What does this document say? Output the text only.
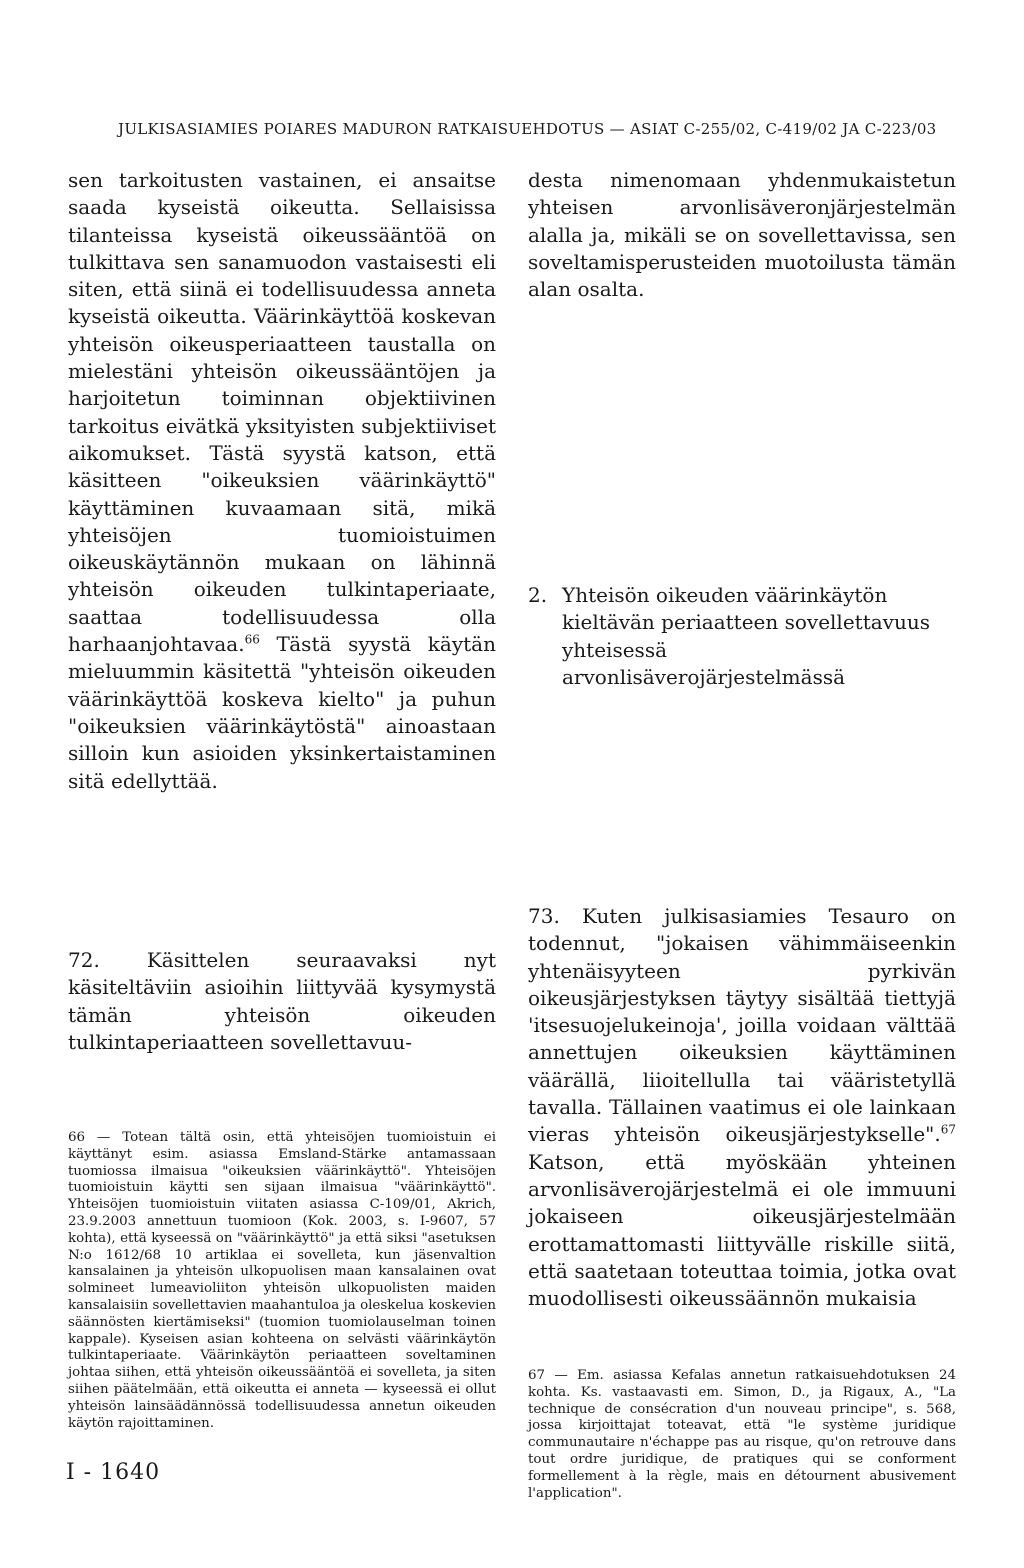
JULKISASIAMIES POIARES MADURON RATKAISUEHDOTUS — ASIAT C-255/02, C-419/02 JA C-223/03

sen tarkoitusten vastainen, ei ansaitse saada kyseistä oikeutta. Sellaisissa tilanteissa kyseistä oikeussääntöä on tulkittava sen sanamuodon vastaisesti eli siten, että siinä ei todellisuudessa anneta kyseistä oikeutta. Väärinkäyttöä koskevan yhteisön oikeusperiaatteen taustalla on mielestäni yhteisön oikeussääntöjen ja harjoitetun toiminnan objektiivinen tarkoitus eivätkä yksityisten subjektiiviset aikomukset. Tästä syystä katson, että käsitteen "oikeuksien väärinkäyttö" käyttäminen kuvaamaan sitä, mikä yhteisöjen tuomioistuimen oikeuskäytännön mukaan on lähinnä yhteisön oikeuden tulkintaperiaate, saattaa todellisuudessa olla harhaanjohtavaa.$^{66}$ Tästä syystä käytän mieluummin käsitettä "yhteisön oikeuden väärinkäyttöä koskeva kielto" ja puhun "oikeuksien väärinkäytöstä" ainoastaan silloin kun asioiden yksinkertaistaminen sitä edellyttää.

desta nimenomaan yhdenmukaistetun yhteisen arvonlisäveronjärjestelmän alalla ja, mikäli se on sovellettavissa, sen soveltamisperusteiden muotoilusta tämän alan osalta.

2. Yhteisön oikeuden väärinkäytön kieltävän periaatteen sovellettavuus yhteisessä arvonlisäverojärjestelmässä

72. Käsittelen seuraavaksi nyt käsiteltäviin asioihin liittyvää kysymystä tämän yhteisön oikeuden tulkintaperiaatteen sovellettavuu-

73. Kuten julkisasiamies Tesauro on todennut, "jokaisen vähimmäiseenkin yhtenäisyyteen pyrkivän oikeusjärjestyksen täytyy sisältää tiettyjä 'itsesuojelukeinoja', joilla voidaan välttää annettujen oikeuksien käyttäminen väärällä, liioitellulla tai vääristetyllä tavalla. Tällainen vaatimus ei ole lainkaan vieras yhteisön oikeusjärjestykselle".$^{67}$ Katson, että myöskään yhteinen arvonlisäverojärjestelmä ei ole immuuni jokaiseen oikeusjärjestelmään erottamattomasti liittyvälle riskille siitä, että saatetaan toteuttaa toimia, jotka ovat muodollisesti oikeussäännön mukaisia

66 — Totean tältä osin, että yhteisöjen tuomioistuin ei käyttänyt esim. asiassa Emsland-Stärke antamassaan tuomiossa ilmaisua "oikeuksien väärinkäyttö". Yhteisöjen tuomioistuin käytti sen sijaan ilmaisua "väärinkäyttö". Yhteisöjen tuomioistuin viitaten asiassa C-109/01, Akrich, 23.9.2003 annettuun tuomioon (Kok. 2003, s. I-9607, 57 kohta), että kyseessä on "väärinkäyttö" ja että siksi "asetuksen N:o 1612/68 10 artiklaa ei sovelleta, kun jäsenvaltion kansalainen ja yhteisön ulkopuolisen maan kansalainen ovat solmineet lumeavioliiton yhteisön ulkopuolisten maiden kansalaisiin sovellettavien maahantuloa ja oleskelua koskevien säännösten kiertämiseksi" (tuomion tuomiolauselman toinen kappale). Kyseisen asian kohteena on selvästi väärinkäytön tulkintaperiaate. Väärinkäytön periaatteen soveltaminen johtaa siihen, että yhteisön oikeussääntöä ei sovelleta, ja siten siihen päätelmään, että oikeutta ei anneta — kyseessä ei ollut yhteisön lainsäädännössä todellisuudessa annetun oikeuden käytön rajoittaminen.
67 — Em. asiassa Kefalas annetun ratkaisuehdotuksen 24 kohta. Ks. vastaavasti em. Simon, D., ja Rigaux, A., "La technique de consécration d'un nouveau principe", s. 568, jossa kirjoittajat toteavat, että "le système juridique communautaire n'échappe pas au risque, qu'on retrouve dans tout ordre juridique, de pratiques qui se conforment formellement à la règle, mais en détournent abusivement l'application".
I - 1640
